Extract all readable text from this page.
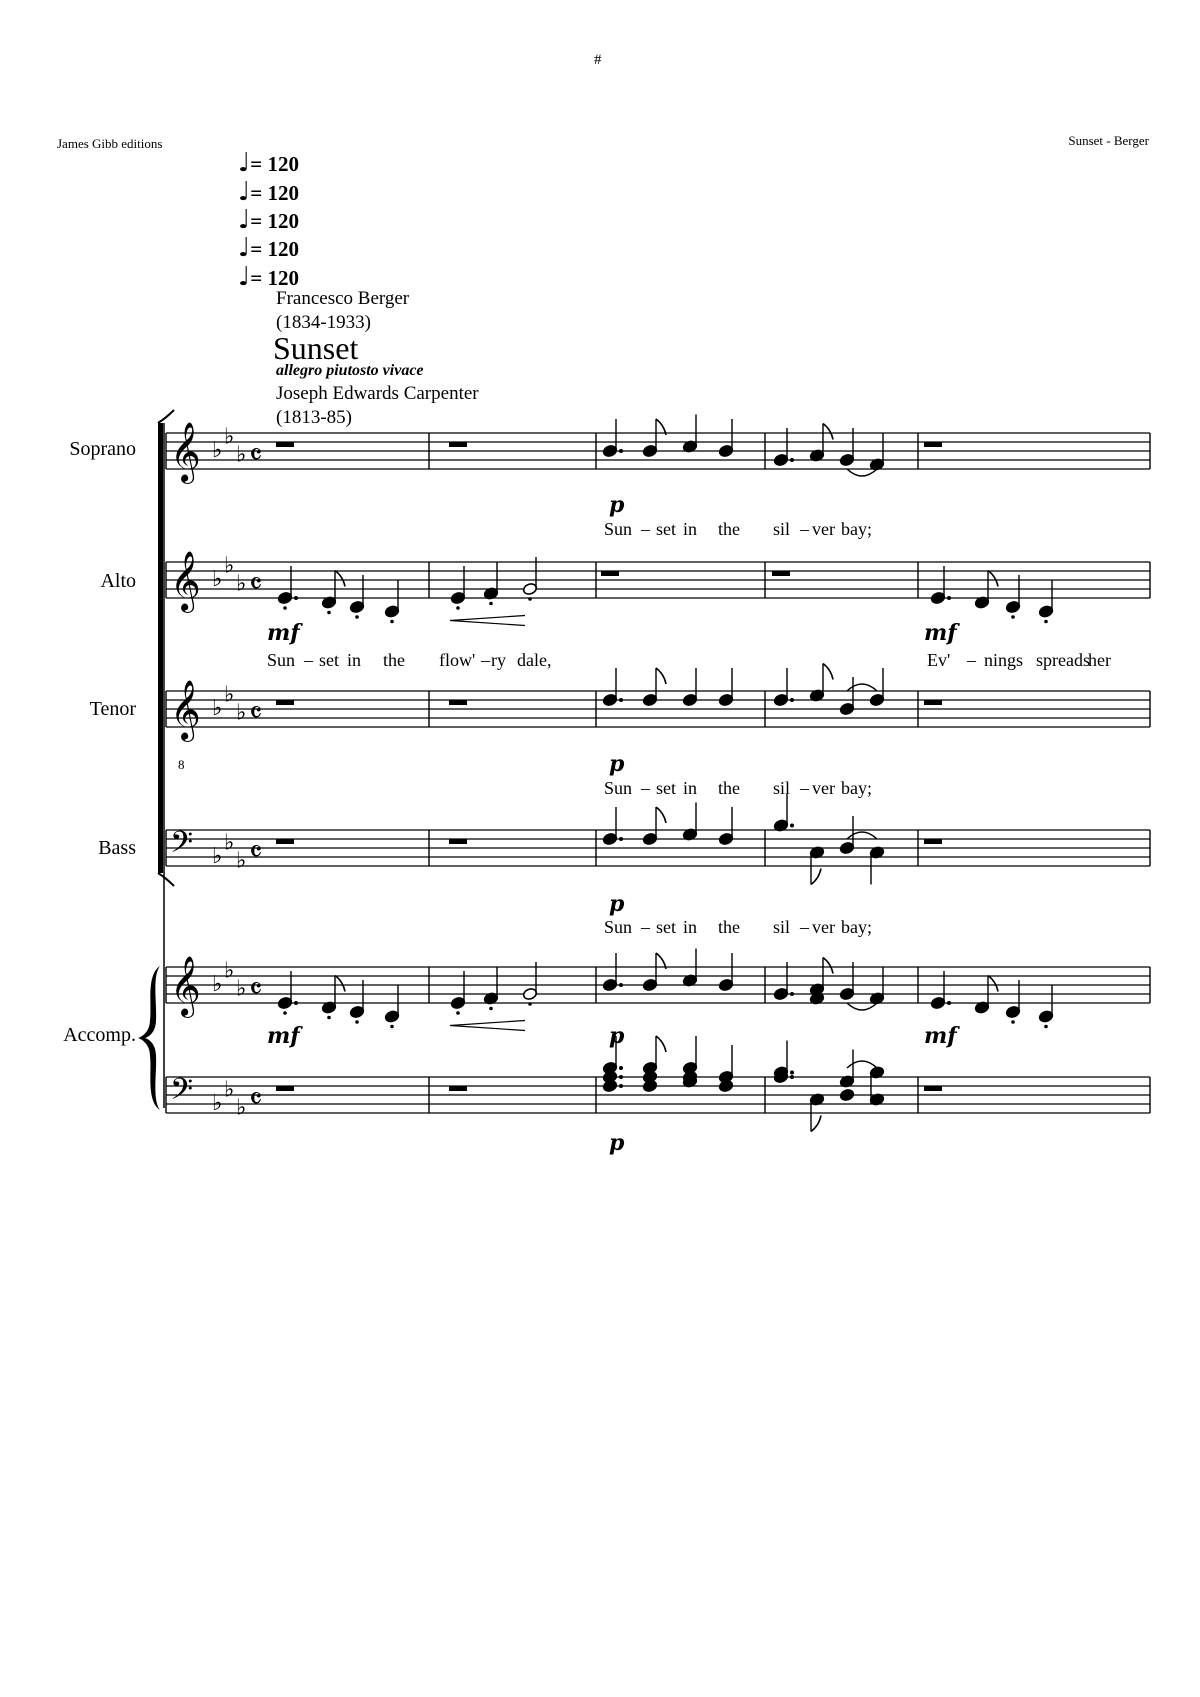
#
James Gibb editions	Sunset - Berger
♩= 120
♩= 120
♩= 120
♩= 120
♩= 120
Francesco Berger
(1834-1933)
Sunset
allegro piutosto vivace
Joseph Edwards Carpenter
(1813-85)
Soprano
Alto
Tenor
Bass
Accomp.
𝄞 ♭
♭
♭ 𝄴
𝄞 ♭
♭
♭ 𝄴
𝄞 ♭
♭
♭ 𝄴
8
𝄢 ♭
♭
♭ 𝄴
𝄞 ♭
♭
♭ 𝄴
𝄢 ♭
♭
♭ 𝄴
p
mf	mf
p
p
mf	p	mf
p
Sun – set in the sil – ver bay;
Sun – set in the flow' – ry dale,	Ev' – nings spreads
her
Sun – set in the sil – ver bay;
Sun – set in the sil – ver bay;
